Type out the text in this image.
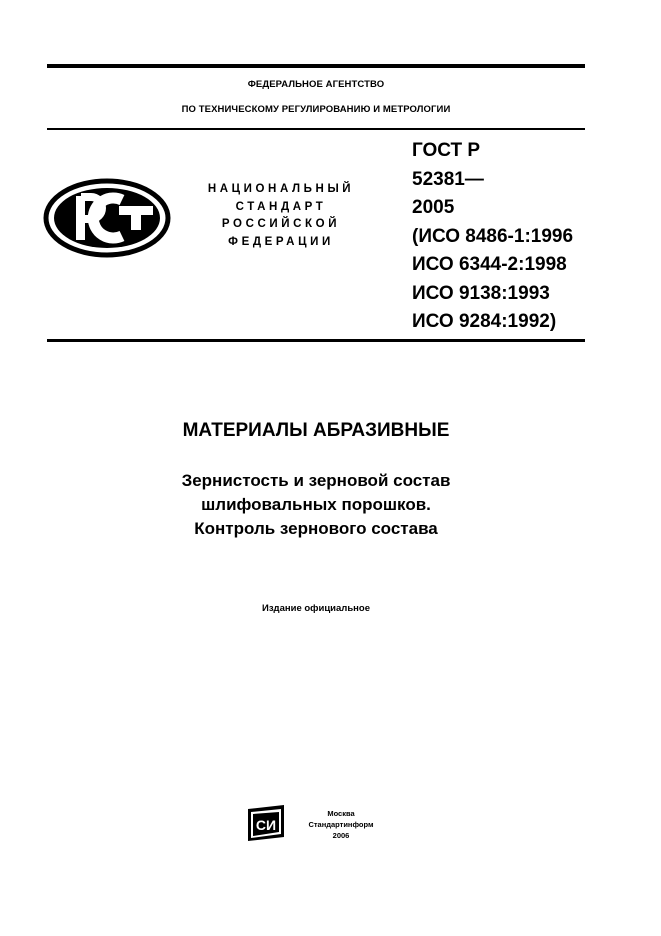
ФЕДЕРАЛЬНОЕ АГЕНТСТВО
ПО ТЕХНИЧЕСКОМУ РЕГУЛИРОВАНИЮ И МЕТРОЛОГИИ
НАЦИОНАЛЬНЫЙ
СТАНДАРТ
РОССИЙСКОЙ
ФЕДЕРАЦИИ
ГОСТ Р
52381—
2005
(ИСО 8486-1:1996
ИСО 6344-2:1998
ИСО 9138:1993
ИСО 9284:1992)
МАТЕРИАЛЫ АБРАЗИВНЫЕ
Зернистость и зерновой состав
шлифовальных порошков.
Контроль зернового состава
Издание официальное
СИ
Москва
Стандартинформ
2006
